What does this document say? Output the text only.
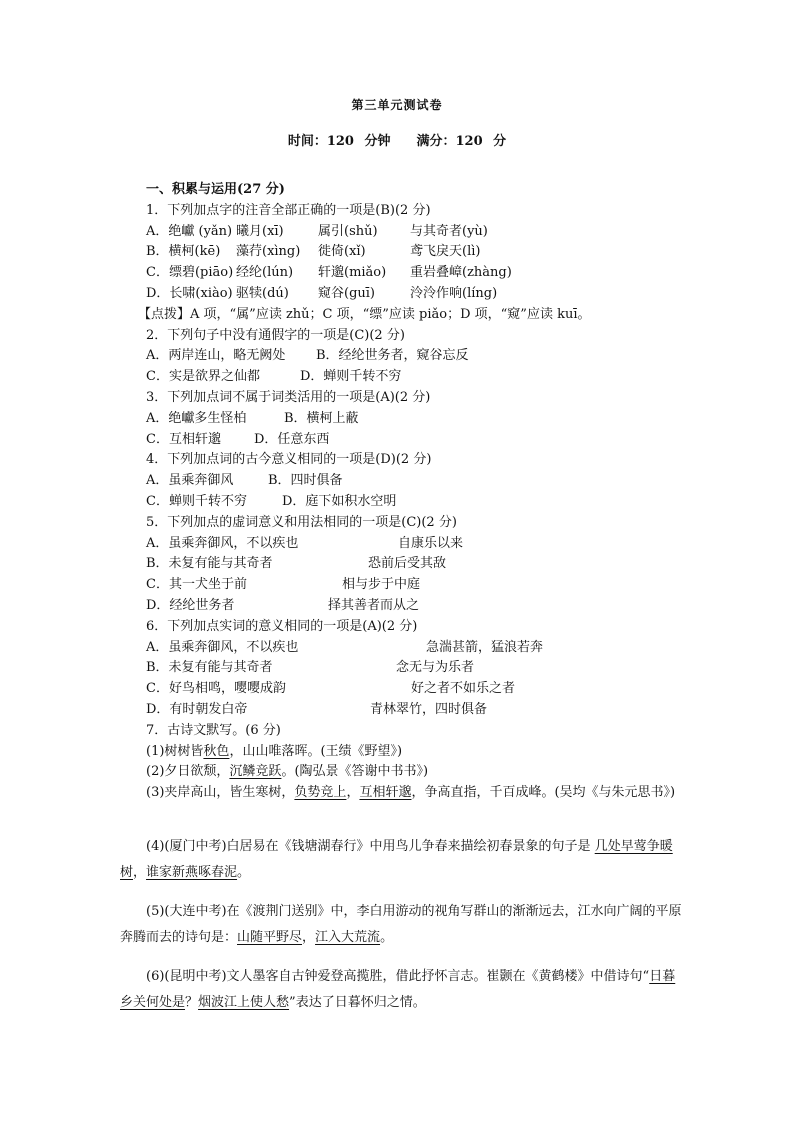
第三单元测试卷
时间：120 分钟 满分：120 分
一、积累与运用(27 分)
1．下列加点字的注音全部正确的一项是(B)(2 分)
A．绝巘 (yǎn) 曦月(xī)	属引(shǔ) 与其奇者(yù)
B．横柯(kē) 藻荇(xìng) 徙倚(xǐ)	鸢飞戾天(lì)
C．缥碧(piāo) 经纶(lún) 轩邈(miǎo) 重岩叠嶂(zhàng)
D．长啸(xiào) 驱犊(dú) 窥谷(guī)	泠泠作响(líng)
【点拨】A 项，“属”应读 zhǔ；C 项，“缥”应读 piǎo；D 项，“窥”应读 kuī。
2．下列句子中没有通假字的一项是(C)(2 分)
A．两岸连山，略无阙处 B．经纶世务者，窥谷忘反
C．实是欲界之仙都	D．蝉则千转不穷
3．下列加点词不属于词类活用的一项是(A)(2 分)
A．绝巘多生怪柏	B．横柯上蔽
C．互相轩邈	D．任意东西
4．下列加点词的古今意义相同的一项是(D)(2 分)
A．虽乘奔御风	B．四时俱备
C．蝉则千转不穷	D．庭下如积水空明
5．下列加点的虚词意义和用法相同的一项是(C)(2 分)
A．虽乘奔御风，不以疾也	自康乐以来
B．未复有能与其奇者	恐前后受其敌
C．其一犬坐于前	相与步于中庭
D．经纶世务者	择其善者而从之
6．下列加点实词的意义相同的一项是(A)(2 分)
A．虽乘奔御风，不以疾也	急湍甚箭，猛浪若奔
B．未复有能与其奇者	念无与为乐者
C．好鸟相鸣，嘤嘤成韵	好之者不如乐之者
D．有时朝发白帝	青林翠竹，四时俱备
7．古诗文默写。(6 分)
(1)树树皆秋色，山山唯落晖。(王绩《野望》)
(2)夕日欲颓，沉鳞竞跃。(陶弘景《答谢中书书》)
(3)夹岸高山，皆生寒树，负势竞上，互相轩邈，争高直指，千百成峰。(吴均《与朱元思书》)
(4)(厦门中考)白居易在《钱塘湖春行》中用鸟儿争春来描绘初春景象的句子是 几处早莺争暖树，谁家新燕啄春泥。
(5)(大连中考)在《渡荆门送别》中，李白用游动的视角写群山的渐渐远去，江水向广阔的平原奔腾而去的诗句是：山随平野尽，江入大荒流。
(6)(昆明中考)文人墨客自古钟爱登高揽胜，借此抒怀言志。崔颢在《黄鹤楼》中借诗句“日暮乡关何处是？烟波江上使人愁”表达了日暮怀归之情。
